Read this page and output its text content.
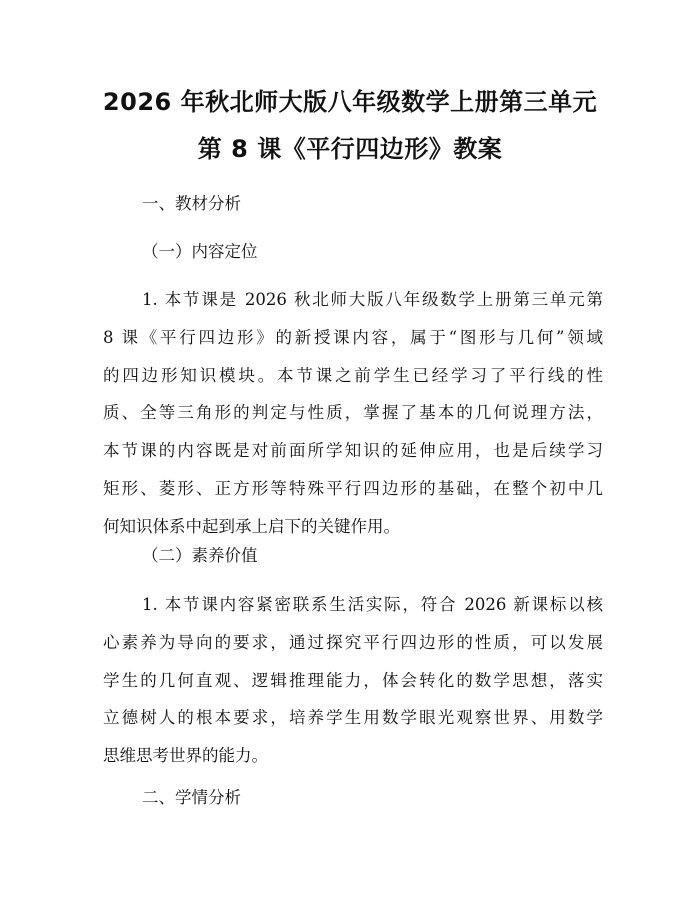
2026 年秋北师大版八年级数学上册第三单元
第 8 课《平行四边形》教案
一、教材分析
（一）内容定位
1. 本节课是 2026 秋北师大版八年级数学上册第三单元第
8 课《平行四边形》的新授课内容，属于“图形与几何”领域
的四边形知识模块。本节课之前学生已经学习了平行线的性
质、全等三角形的判定与性质，掌握了基本的几何说理方法，
本节课的内容既是对前面所学知识的延伸应用，也是后续学习
矩形、菱形、正方形等特殊平行四边形的基础，在整个初中几
何知识体系中起到承上启下的关键作用。
（二）素养价值
1. 本节课内容紧密联系生活实际，符合 2026 新课标以核
心素养为导向的要求，通过探究平行四边形的性质，可以发展
学生的几何直观、逻辑推理能力，体会转化的数学思想，落实
立德树人的根本要求，培养学生用数学眼光观察世界、用数学
思维思考世界的能力。
二、学情分析
